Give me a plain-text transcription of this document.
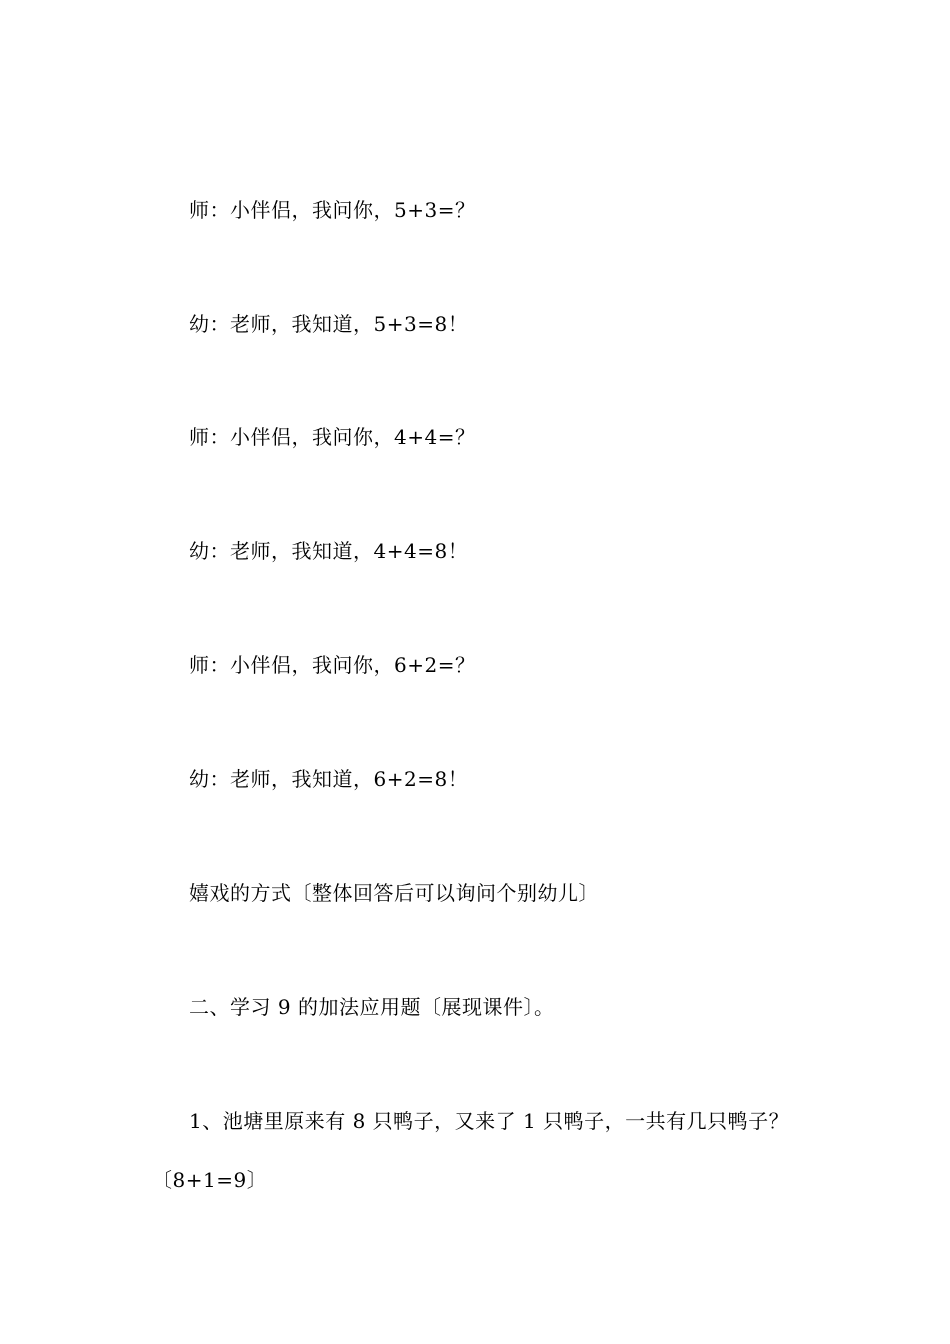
师：小伴侣，我问你，5+3=？
幼：老师，我知道，5+3=8！
师：小伴侣，我问你，4+4=？
幼：老师，我知道，4+4=8！
师：小伴侣，我问你，6+2=？
幼：老师，我知道，6+2=8！
嬉戏的方式〔整体回答后可以询问个别幼儿〕
二、学习 9 的加法应用题〔展现课件〕。
1、池塘里原来有 8 只鸭子，又来了 1 只鸭子，一共有几只鸭子？
〔8+1=9〕
